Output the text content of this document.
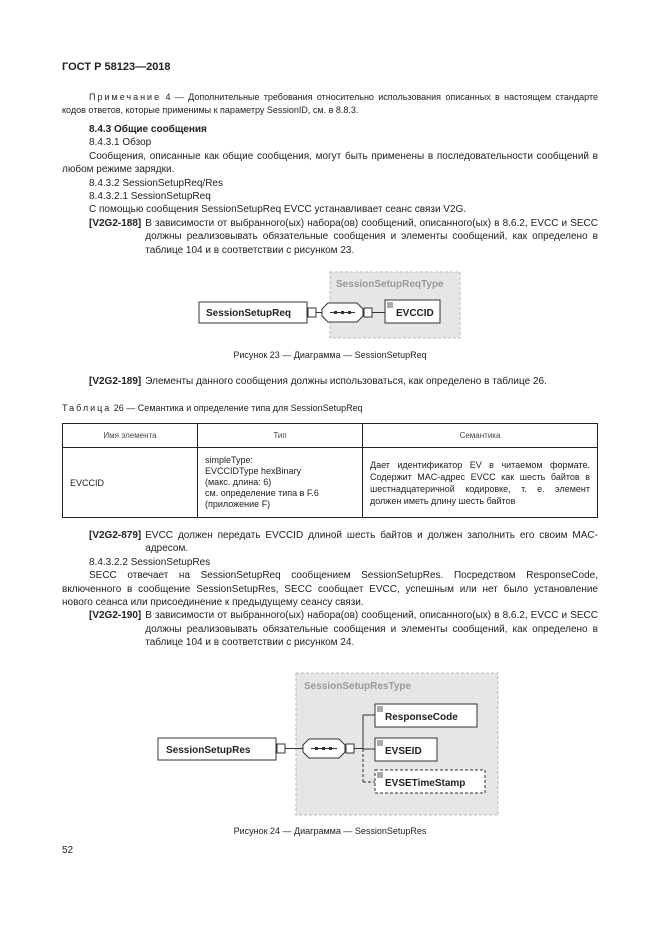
ГОСТ Р 58123—2018

Примечание 4 — Дополнительные требования относительно использования описанных в настоящем стандарте кодов ответов, которые применимы к параметру SessionID, см. в 8.8.3.

8.4.3 Общие сообщения

8.4.3.1 Обзор

Сообщения, описанные как общие сообщения, могут быть применены в последовательности сообщений в любом режиме зарядки.

8.4.3.2 SessionSetupReq/Res

8.4.3.2.1 SessionSetupReq

С помощью сообщения SessionSetupReq EVCC устанавливает сеанс связи V2G.

[V2G2-188] В зависимости от выбранного(ых) набора(ов) сообщений, описанного(ых) в 8.6.2, EVCC и SECC должны реализовывать обязательные сообщения и элементы сообщений, как определено в таблице 104 и в соответствии с рисунком 23.
SessionSetupReqType
SessionSetupReq	EVCCID
Рисунок 23 — Диаграмма — SessionSetupReq
[V2G2-189] Элементы данного сообщения должны использоваться, как определено в таблице 26.
Таблица 26 — Семантика и определение типа для SessionSetupReq
Имя элемента	Тип	Семантика
EVCCID	simpleType:
EVCCIDType hexBinary
(макс. длина: 6)
см. определение типа в F.6
(приложение F)	Дает идентификатор EV в читаемом формате. Содержит MAC-адрес EVCC как шесть байтов в шестнадцатеричной кодировке, т. е. элемент должен иметь длину шесть байтов
[V2G2-879] EVCC должен передать EVCCID длиной шесть байтов и должен заполнить его своим MAC-адресом.

8.4.3.2.2 SessionSetupRes

SECC отвечает на SessionSetupReq сообщением SessionSetupRes. Посредством ResponseCode, включенного в сообщение SessionSetupRes, SECC сообщает EVCC, успешным или нет было установление нового сеанса или присоединение к предыдущему сеансу связи.

[V2G2-190] В зависимости от выбранного(ых) набора(ов) сообщений, описанного(ых) в 8.6.2, EVCC и SECC должны реализовывать обязательные сообщения и элементы сообщений, как определено в таблице 104 и в соответствии с рисунком 24.
SessionSetupResType
SessionSetupRes
ResponseCode
EVSEID
EVSETimeStamp
Рисунок 24 — Диаграмма — SessionSetupRes
52
